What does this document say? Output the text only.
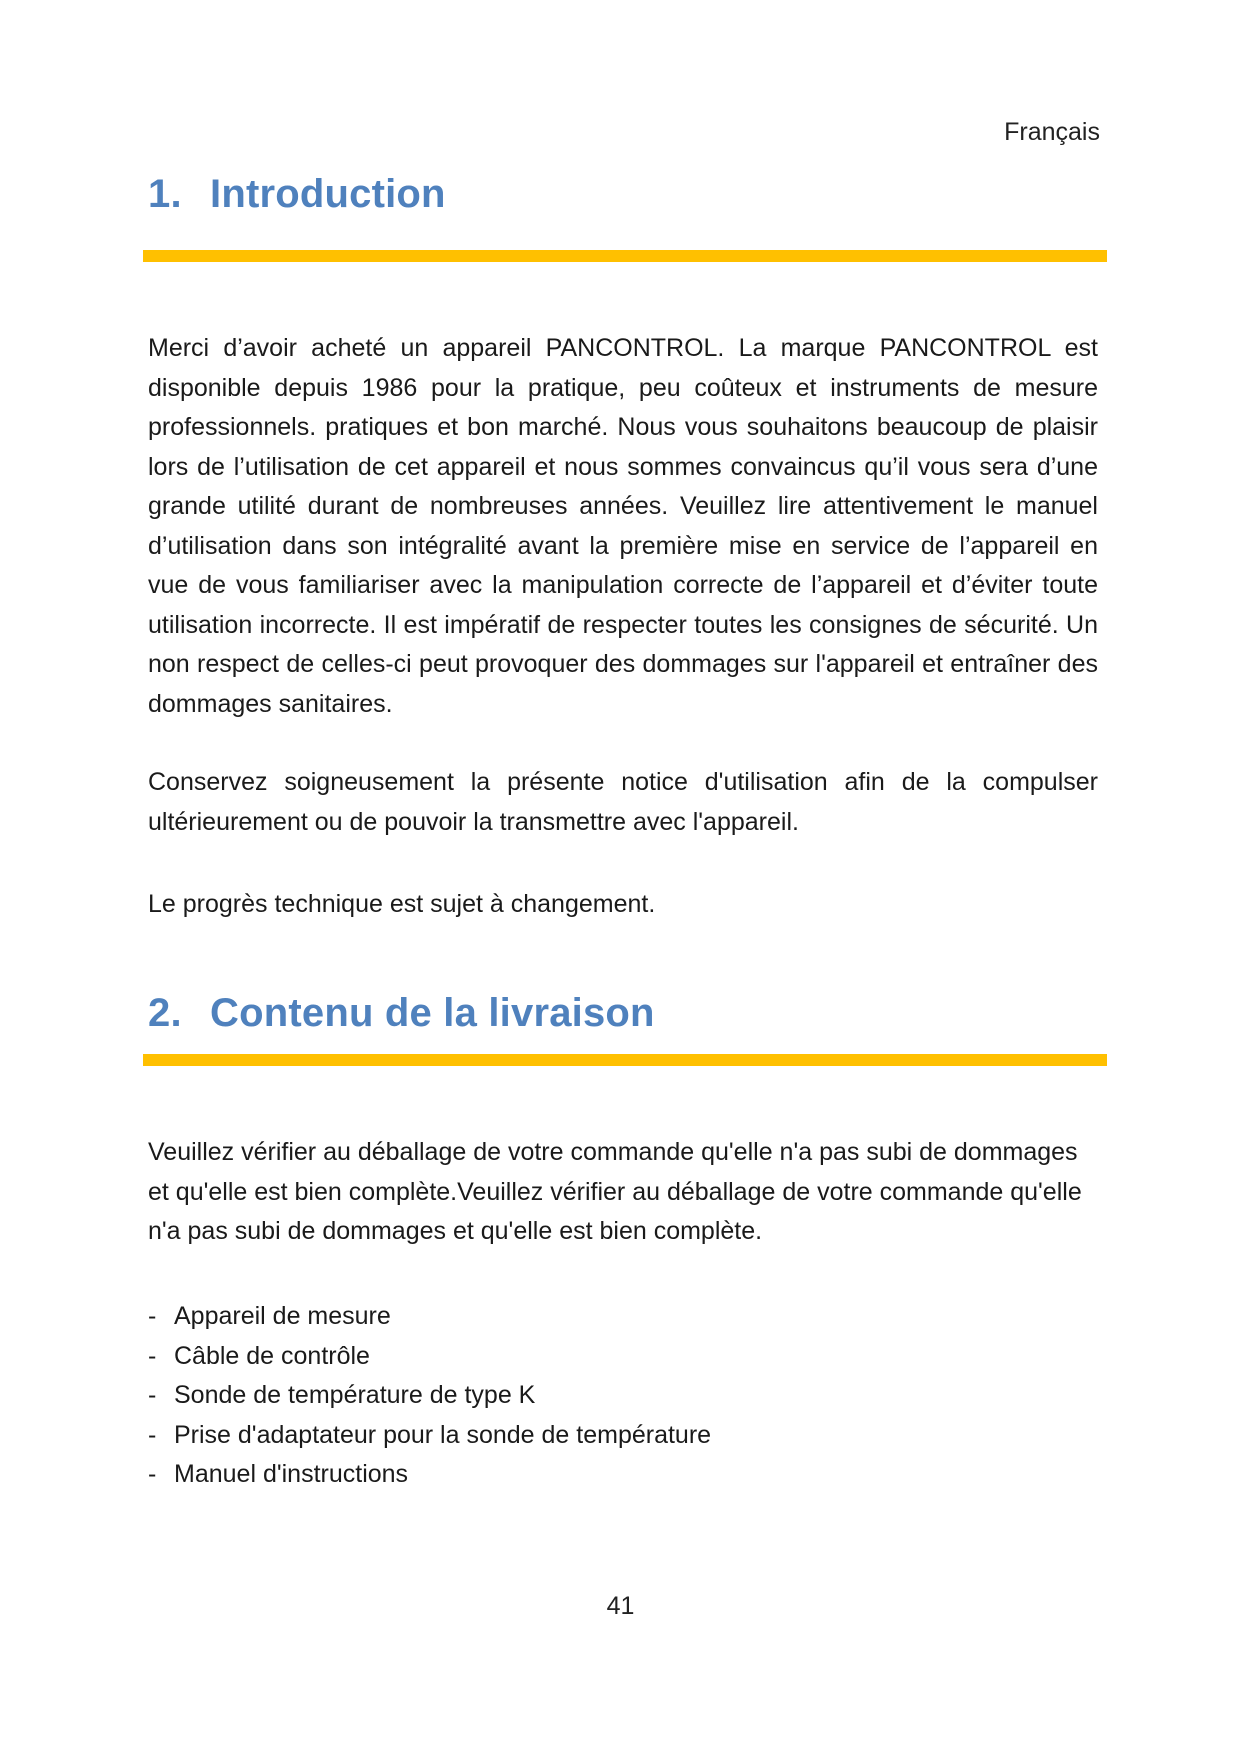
Français
1. Introduction

Merci d’avoir acheté un appareil PANCONTROL. La marque PANCONTROL est disponible depuis 1986 pour la pratique, peu coûteux et instruments de mesure professionnels. pratiques et bon marché. Nous vous souhaitons beaucoup de plaisir lors de l’utilisation de cet appareil et nous sommes convaincus qu’il vous sera d’une grande utilité durant de nombreuses années. Veuillez lire attentivement le manuel d’utilisation dans son intégralité avant la première mise en service de l’appareil en vue de vous familiariser avec la manipulation correcte de l’appareil et d’éviter toute utilisation incorrecte. Il est impératif de respecter toutes les consignes de sécurité. Un non respect de celles-ci peut provoquer des dommages sur l'appareil et entraîner des dommages sanitaires.

Conservez soigneusement la présente notice d'utilisation afin de la compulser ultérieurement ou de pouvoir la transmettre avec l'appareil.

Le progrès technique est sujet à changement.

2. Contenu de la livraison

Veuillez vérifier au déballage de votre commande qu'elle n'a pas subi de dommages et qu'elle est bien complète.Veuillez vérifier au déballage de votre commande qu'elle n'a pas subi de dommages et qu'elle est bien complète.

- Appareil de mesure
- Câble de contrôle
- Sonde de température de type K
- Prise d'adaptateur pour la sonde de température
- Manuel d'instructions
41
